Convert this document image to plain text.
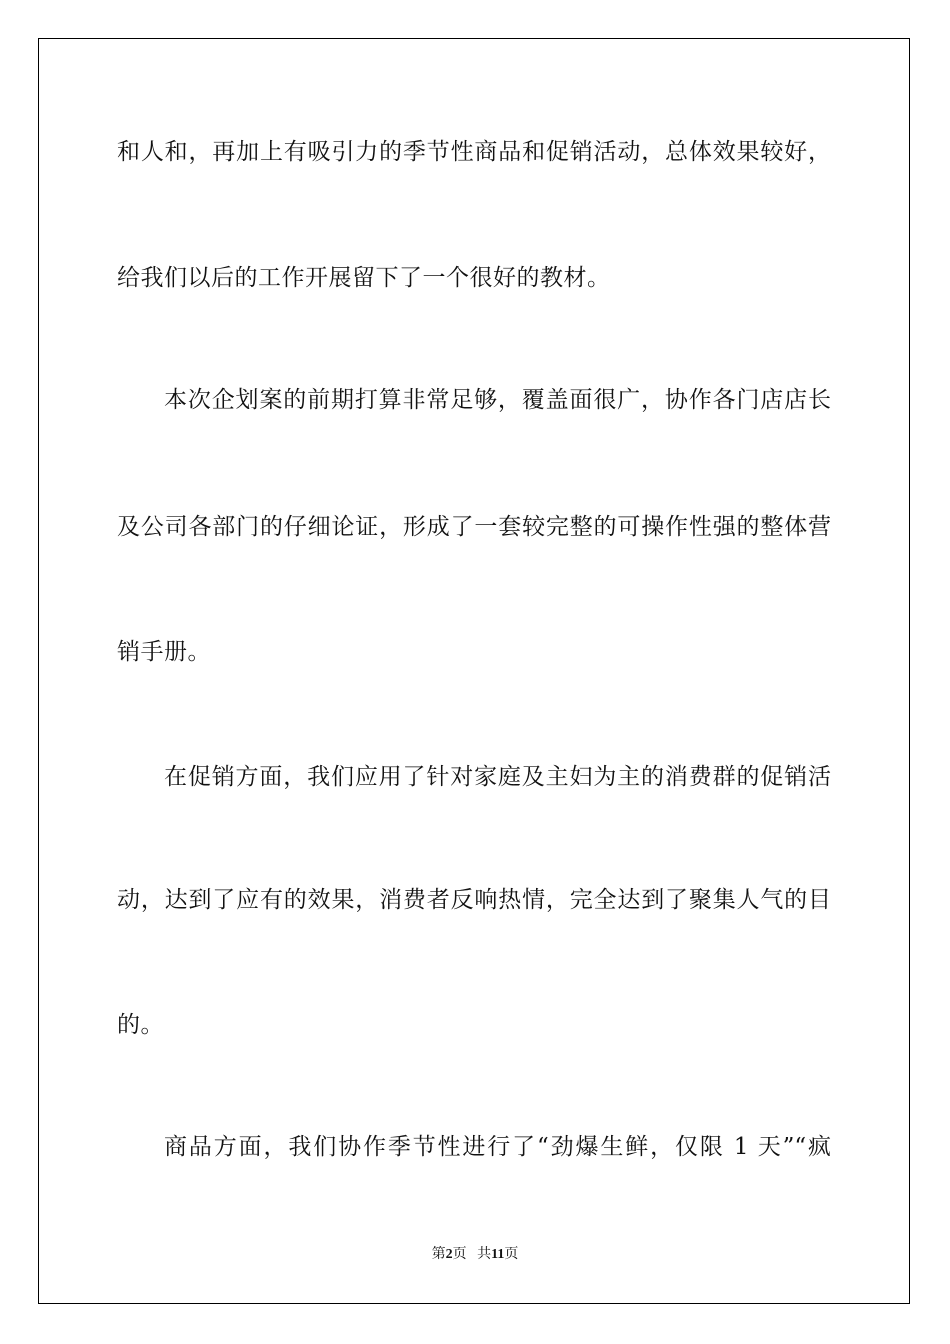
和人和，再加上有吸引力的季节性商品和促销活动，总体效果较好，
给我们以后的工作开展留下了一个很好的教材。
本次企划案的前期打算非常足够，覆盖面很广，协作各门店店长
及公司各部门的仔细论证，形成了一套较完整的可操作性强的整体营
销手册。
在促销方面，我们应用了针对家庭及主妇为主的消费群的促销活
动，达到了应有的效果，消费者反响热情，完全达到了聚集人气的目
的。
商品方面，我们协作季节性进行了“劲爆生鲜，仅限 1 天”“疯
第2页 共11页
